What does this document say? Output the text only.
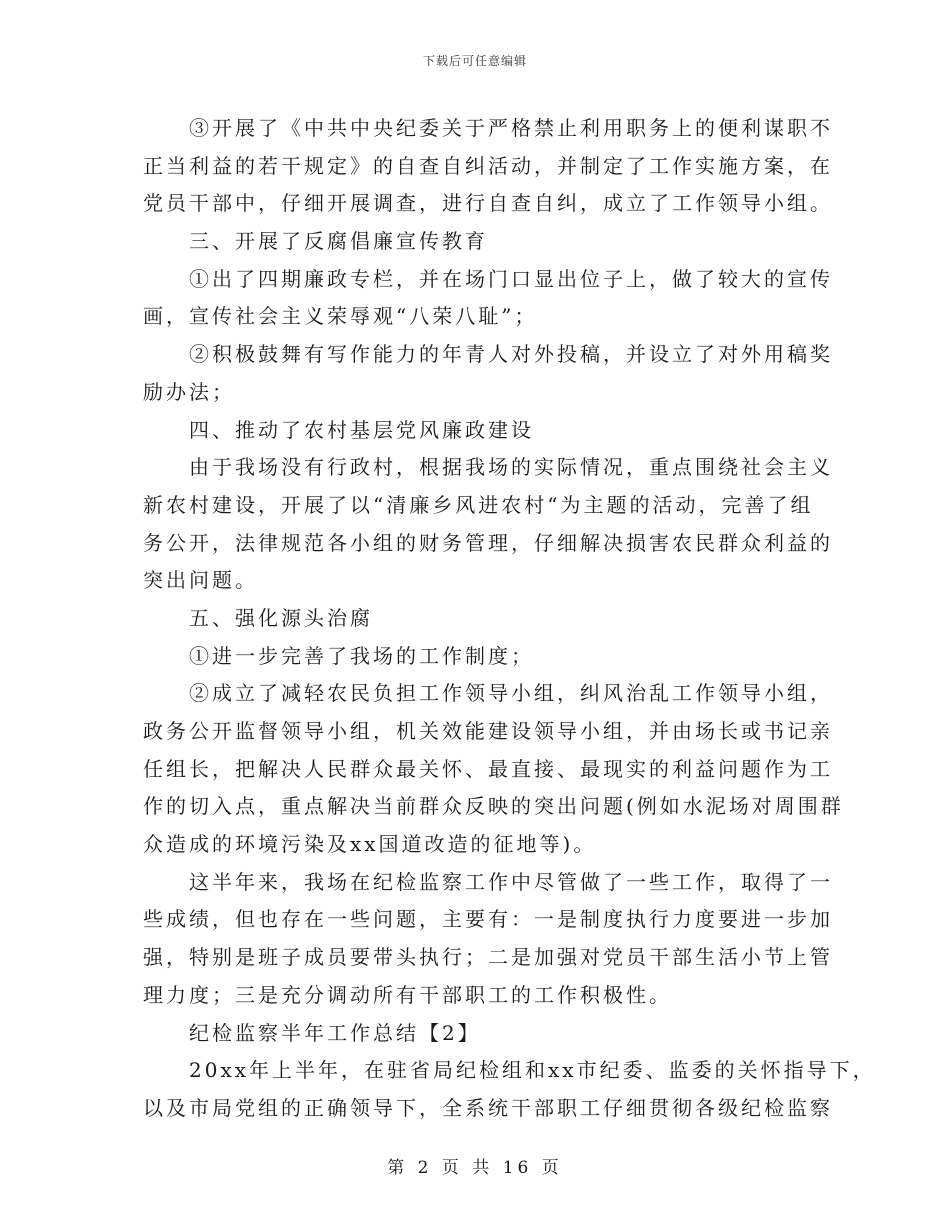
下载后可任意编辑
③开展了《中共中央纪委关于严格禁止利用职务上的便利谋职不
正当利益的若干规定》的自查自纠活动，并制定了工作实施方案，在
党员干部中，仔细开展调查，进行自查自纠，成立了工作领导小组。
三、开展了反腐倡廉宣传教育
①出了四期廉政专栏，并在场门口显出位子上，做了较大的宣传
画，宣传社会主义荣辱观“八荣八耻”；
②积极鼓舞有写作能力的年青人对外投稿，并设立了对外用稿奖
励办法；
四、推动了农村基层党风廉政建设
由于我场没有行政村，根据我场的实际情况，重点围绕社会主义
新农村建设，开展了以“清廉乡风进农村“为主题的活动，完善了组
务公开，法律规范各小组的财务管理，仔细解决损害农民群众利益的
突出问题。
五、强化源头治腐
①进一步完善了我场的工作制度；
②成立了减轻农民负担工作领导小组，纠风治乱工作领导小组，
政务公开监督领导小组，机关效能建设领导小组，并由场长或书记亲
任组长，把解决人民群众最关怀、最直接、最现实的利益问题作为工
作的切入点，重点解决当前群众反映的突出问题(例如水泥场对周围群
众造成的环境污染及xx国道改造的征地等)。
这半年来，我场在纪检监察工作中尽管做了一些工作，取得了一
些成绩，但也存在一些问题，主要有：一是制度执行力度要进一步加
强，特别是班子成员要带头执行；二是加强对党员干部生活小节上管
理力度；三是充分调动所有干部职工的工作积极性。
纪检监察半年工作总结【2】
20xx年上半年，在驻省局纪检组和xx市纪委、监委的关怀指导下，
以及市局党组的正确领导下，全系统干部职工仔细贯彻各级纪检监察
第 2 页 共 16 页
